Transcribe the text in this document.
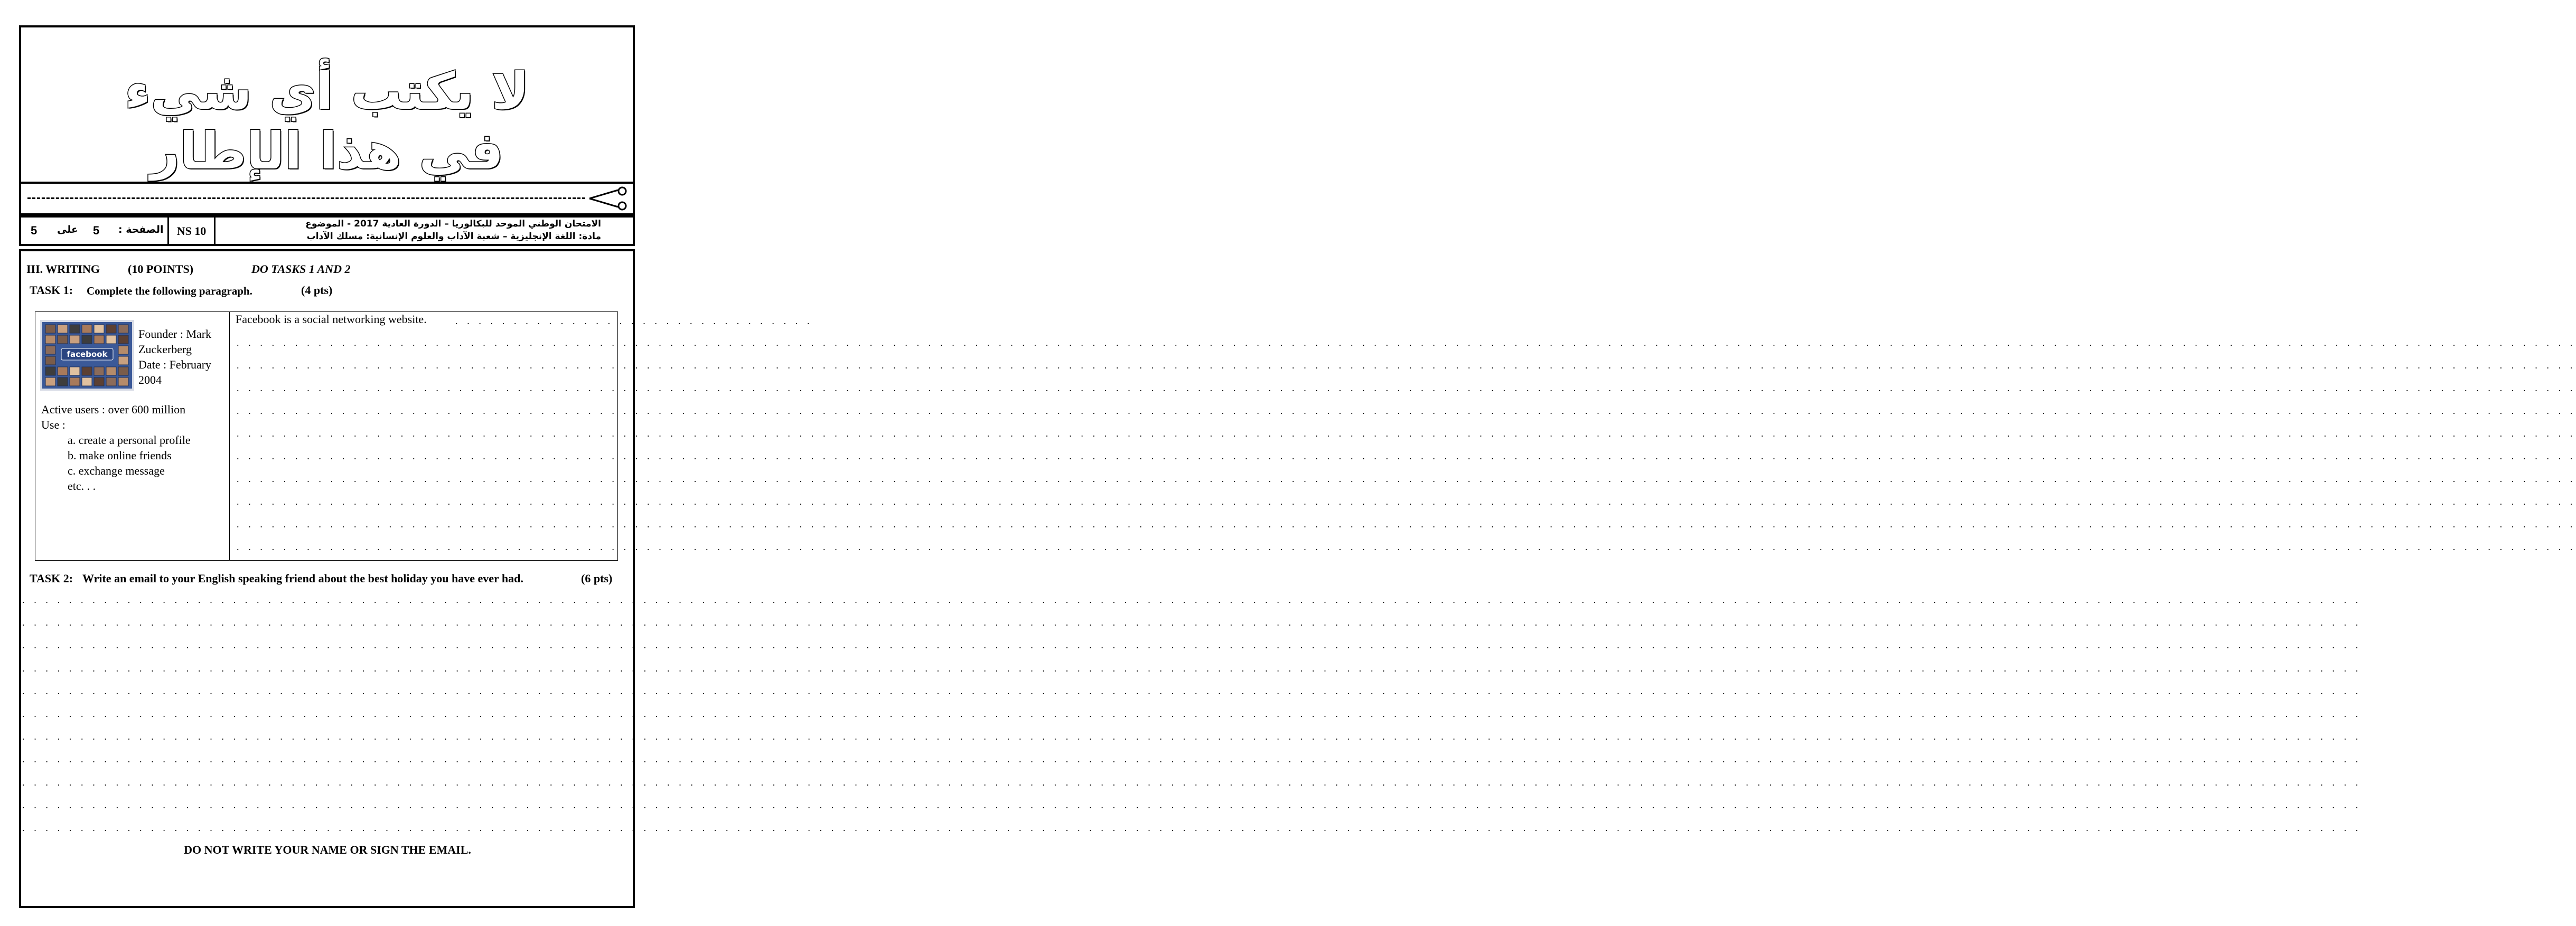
لا يكتب أي شيء
في هذا الإطار
5 على 5 الصفحة :	NS 10
الامتحان الوطني الموحد للبكالوريا – الدورة العادية 2017 - الموضوع
مادة: اللغة الإنجليزية – شعبة الآداب والعلوم الإنسانية: مسلك الآداب
III. WRITING (10 POINTS)	DO TASKS 1 AND 2
TASK 1: Complete the following paragraph.	(4 pts)
facebook
Founder : Mark
Zuckerberg
Date : February
2004
Active users : over 600 million
Use :
a. create a personal profile
b. make online friends
c. exchange message
etc. . .
Facebook is a social networking website.	. . . . . . . . . . . . . . . . . . . . . . . . . . . . . . .
. . . . . . . . . . . . . . . . . . . . . . . . . . . . . . . . . . . . . . . . . . . . . . . . . . . . . . . . . . . . . . . . . . . . . . . . . . . . . . . . . . . . . . . . . . . . . . . . . . . . . . . . . . . . . . . . . . . . . . . . . . . . . . . . . . . . . . . . . . . . . . . . . . . . . . . . . . . . . . . . . . . . . . . . . . . . . . . . . . . . . . . . . . . . . . . . . . . . . . . .
. . . . . . . . . . . . . . . . . . . . . . . . . . . . . . . . . . . . . . . . . . . . . . . . . . . . . . . . . . . . . . . . . . . . . . . . . . . . . . . . . . . . . . . . . . . . . . . . . . . . . . . . . . . . . . . . . . . . . . . . . . . . . . . . . . . . . . . . . . . . . . . . . . . . . . . . . . . . . . . . . . . . . . . . . . . . . . . . . . . . . . . . . . . . . . . . . . . . . . . .
. . . . . . . . . . . . . . . . . . . . . . . . . . . . . . . . . . . . . . . . . . . . . . . . . . . . . . . . . . . . . . . . . . . . . . . . . . . . . . . . . . . . . . . . . . . . . . . . . . . . . . . . . . . . . . . . . . . . . . . . . . . . . . . . . . . . . . . . . . . . . . . . . . . . . . . . . . . . . . . . . . . . . . . . . . . . . . . . . . . . . . . . . . . . . . . . . . . . . . . .
. . . . . . . . . . . . . . . . . . . . . . . . . . . . . . . . . . . . . . . . . . . . . . . . . . . . . . . . . . . . . . . . . . . . . . . . . . . . . . . . . . . . . . . . . . . . . . . . . . . . . . . . . . . . . . . . . . . . . . . . . . . . . . . . . . . . . . . . . . . . . . . . . . . . . . . . . . . . . . . . . . . . . . . . . . . . . . . . . . . . . . . . . . . . . . . . . . . . . . . .
. . . . . . . . . . . . . . . . . . . . . . . . . . . . . . . . . . . . . . . . . . . . . . . . . . . . . . . . . . . . . . . . . . . . . . . . . . . . . . . . . . . . . . . . . . . . . . . . . . . . . . . . . . . . . . . . . . . . . . . . . . . . . . . . . . . . . . . . . . . . . . . . . . . . . . . . . . . . . . . . . . . . . . . . . . . . . . . . . . . . . . . . . . . . . . . . . . . . . . . .
. . . . . . . . . . . . . . . . . . . . . . . . . . . . . . . . . . . . . . . . . . . . . . . . . . . . . . . . . . . . . . . . . . . . . . . . . . . . . . . . . . . . . . . . . . . . . . . . . . . . . . . . . . . . . . . . . . . . . . . . . . . . . . . . . . . . . . . . . . . . . . . . . . . . . . . . . . . . . . . . . . . . . . . . . . . . . . . . . . . . . . . . . . . . . . . . . . . . . . . .
. . . . . . . . . . . . . . . . . . . . . . . . . . . . . . . . . . . . . . . . . . . . . . . . . . . . . . . . . . . . . . . . . . . . . . . . . . . . . . . . . . . . . . . . . . . . . . . . . . . . . . . . . . . . . . . . . . . . . . . . . . . . . . . . . . . . . . . . . . . . . . . . . . . . . . . . . . . . . . . . . . . . . . . . . . . . . . . . . . . . . . . . . . . . . . . . . . . . . . . .
. . . . . . . . . . . . . . . . . . . . . . . . . . . . . . . . . . . . . . . . . . . . . . . . . . . . . . . . . . . . . . . . . . . . . . . . . . . . . . . . . . . . . . . . . . . . . . . . . . . . . . . . . . . . . . . . . . . . . . . . . . . . . . . . . . . . . . . . . . . . . . . . . . . . . . . . . . . . . . . . . . . . . . . . . . . . . . . . . . . . . . . . . . . . . . . . . . . . . . . .
. . . . . . . . . . . . . . . . . . . . . . . . . . . . . . . . . . . . . . . . . . . . . . . . . . . . . . . . . . . . . . . . . . . . . . . . . . . . . . . . . . . . . . . . . . . . . . . . . . . . . . . . . . . . . . . . . . . . . . . . . . . . . . . . . . . . . . . . . . . . . . . . . . . . . . . . . . . . . . . . . . . . . . . . . . . . . . . . . . . . . . . . . . . . . . . . . . . . . . . .
. . . . . . . . . . . . . . . . . . . . . . . . . . . . . . . . . . . . . . . . . . . . . . . . . . . . . . . . . . . . . . . . . . . . . . . . . . . . . . . . . . . . . . . . . . . . . . . . . . . . . . . . . . . . . . . . . . . . . . . . . . . . . . . . . . . . . . . . . . . . . . . . . . . . . . . . . . . . . . . . . . . . . . . . . . . . . . . . . . . . . . . . . . . . . . . . . . . . . . . .
TASK 2: Write an email to your English speaking friend about the best holiday you have ever had.	(6 pts)
. . . . . . . . . . . . . . . . . . . . . . . . . . . . . . . . . . . . . . . . . . . . . . . . . . . . . . . . . . . . . . . . . . . . . . . . . . . . . . . . . . . . . . . . . . . . . . . . . . . . . . . . . . . . . . . . . . . . . . . . . . . . . . . . . . . . . . . . . . . . . . . . . . . . . . . . . . . . . . . . . . . . . . . . . . . . . . . . . . . . . . . . . . . . . . . . . . . . . . . .
. . . . . . . . . . . . . . . . . . . . . . . . . . . . . . . . . . . . . . . . . . . . . . . . . . . . . . . . . . . . . . . . . . . . . . . . . . . . . . . . . . . . . . . . . . . . . . . . . . . . . . . . . . . . . . . . . . . . . . . . . . . . . . . . . . . . . . . . . . . . . . . . . . . . . . . . . . . . . . . . . . . . . . . . . . . . . . . . . . . . . . . . . . . . . . . . . . . . . . . .
. . . . . . . . . . . . . . . . . . . . . . . . . . . . . . . . . . . . . . . . . . . . . . . . . . . . . . . . . . . . . . . . . . . . . . . . . . . . . . . . . . . . . . . . . . . . . . . . . . . . . . . . . . . . . . . . . . . . . . . . . . . . . . . . . . . . . . . . . . . . . . . . . . . . . . . . . . . . . . . . . . . . . . . . . . . . . . . . . . . . . . . . . . . . . . . . . . . . . . . .
. . . . . . . . . . . . . . . . . . . . . . . . . . . . . . . . . . . . . . . . . . . . . . . . . . . . . . . . . . . . . . . . . . . . . . . . . . . . . . . . . . . . . . . . . . . . . . . . . . . . . . . . . . . . . . . . . . . . . . . . . . . . . . . . . . . . . . . . . . . . . . . . . . . . . . . . . . . . . . . . . . . . . . . . . . . . . . . . . . . . . . . . . . . . . . . . . . . . . . . .
. . . . . . . . . . . . . . . . . . . . . . . . . . . . . . . . . . . . . . . . . . . . . . . . . . . . . . . . . . . . . . . . . . . . . . . . . . . . . . . . . . . . . . . . . . . . . . . . . . . . . . . . . . . . . . . . . . . . . . . . . . . . . . . . . . . . . . . . . . . . . . . . . . . . . . . . . . . . . . . . . . . . . . . . . . . . . . . . . . . . . . . . . . . . . . . . . . . . . . . .
. . . . . . . . . . . . . . . . . . . . . . . . . . . . . . . . . . . . . . . . . . . . . . . . . . . . . . . . . . . . . . . . . . . . . . . . . . . . . . . . . . . . . . . . . . . . . . . . . . . . . . . . . . . . . . . . . . . . . . . . . . . . . . . . . . . . . . . . . . . . . . . . . . . . . . . . . . . . . . . . . . . . . . . . . . . . . . . . . . . . . . . . . . . . . . . . . . . . . . . .
. . . . . . . . . . . . . . . . . . . . . . . . . . . . . . . . . . . . . . . . . . . . . . . . . . . . . . . . . . . . . . . . . . . . . . . . . . . . . . . . . . . . . . . . . . . . . . . . . . . . . . . . . . . . . . . . . . . . . . . . . . . . . . . . . . . . . . . . . . . . . . . . . . . . . . . . . . . . . . . . . . . . . . . . . . . . . . . . . . . . . . . . . . . . . . . . . . . . . . . .
. . . . . . . . . . . . . . . . . . . . . . . . . . . . . . . . . . . . . . . . . . . . . . . . . . . . . . . . . . . . . . . . . . . . . . . . . . . . . . . . . . . . . . . . . . . . . . . . . . . . . . . . . . . . . . . . . . . . . . . . . . . . . . . . . . . . . . . . . . . . . . . . . . . . . . . . . . . . . . . . . . . . . . . . . . . . . . . . . . . . . . . . . . . . . . . . . . . . . . . .
. . . . . . . . . . . . . . . . . . . . . . . . . . . . . . . . . . . . . . . . . . . . . . . . . . . . . . . . . . . . . . . . . . . . . . . . . . . . . . . . . . . . . . . . . . . . . . . . . . . . . . . . . . . . . . . . . . . . . . . . . . . . . . . . . . . . . . . . . . . . . . . . . . . . . . . . . . . . . . . . . . . . . . . . . . . . . . . . . . . . . . . . . . . . . . . . . . . . . . . .
. . . . . . . . . . . . . . . . . . . . . . . . . . . . . . . . . . . . . . . . . . . . . . . . . . . . . . . . . . . . . . . . . . . . . . . . . . . . . . . . . . . . . . . . . . . . . . . . . . . . . . . . . . . . . . . . . . . . . . . . . . . . . . . . . . . . . . . . . . . . . . . . . . . . . . . . . . . . . . . . . . . . . . . . . . . . . . . . . . . . . . . . . . . . . . . . . . . . . . . .
. . . . . . . . . . . . . . . . . . . . . . . . . . . . . . . . . . . . . . . . . . . . . . . . . . . . . . . . . . . . . . . . . . . . . . . . . . . . . . . . . . . . . . . . . . . . . . . . . . . . . . . . . . . . . . . . . . . . . . . . . . . . . . . . . . . . . . . . . . . . . . . . . . . . . . . . . . . . . . . . . . . . . . . . . . . . . . . . . . . . . . . . . . . . . . . . . . . . . . . .
DO NOT WRITE YOUR NAME OR SIGN THE EMAIL.
